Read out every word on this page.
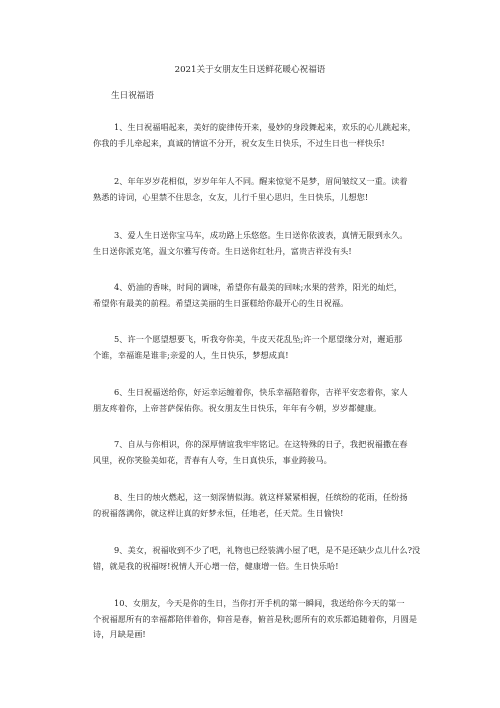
2021关于女朋友生日送鲜花暖心祝福语
生日祝福语
1、生日祝福唱起来，美好的旋律传开来，曼妙的身段舞起来，欢乐的心儿跳起来，
你我的手儿牵起来，真诚的情谊不分开，祝女友生日快乐，不过生日也一样快乐!
2、年年岁岁花相似，岁岁年年人不同。醒来惊觉不是梦，眉间皱纹又一重。读着
熟悉的诗词，心里禁不住思念，女友，儿行千里心思归，生日快乐，儿想您!
3、爱人生日送你宝马车，成功路上乐悠悠。生日送你依波表，真情无限到永久。
生日送你派克笔，温文尔雅写传奇。生日送你红牡丹，富贵吉祥没有头!
4、奶油的香味，时间的调味，希望你有最美的回味;水果的营养，阳光的灿烂，
希望你有最美的前程。希望这美丽的生日蛋糕给你最开心的生日祝福。
5、许一个愿望想要飞，听我夸你美，牛皮天花乱坠;许一个愿望缘分对，邂逅那
个谁，幸福谁是谁非;亲爱的人，生日快乐，梦想成真!
6、生日祝福送给你，好运幸运缠着你，快乐幸福陪着你，吉祥平安恋着你，家人
朋友疼着你，上帝菩萨保佑你。祝女朋友生日快乐，年年有今朝，岁岁都健康。
7、自从与你相识，你的深厚情谊我牢牢铭记。在这特殊的日子，我把祝福撒在春
风里，祝你笑脸美如花，青春有人夸，生日真快乐，事业跨骏马。
8、生日的烛火燃起，这一刻深情似海。就这样紧紧相握，任缤纷的花雨，任纷扬
的祝福落满你，就这样让真的好梦永恒，任地老，任天荒。生日愉快!
9、美女，祝福收到不少了吧，礼物也已经装满小屋了吧，是不是还缺少点儿什么?没
错，就是我的祝福呀!祝情人开心增一倍，健康增一倍。生日快乐哈!
10、女朋友，今天是你的生日，当你打开手机的第一瞬间，我送给你今天的第一
个祝福愿所有的幸福都陪伴着你，仰首是春，俯首是秋;愿所有的欢乐都追随着你，月圆是
诗，月缺是画!
